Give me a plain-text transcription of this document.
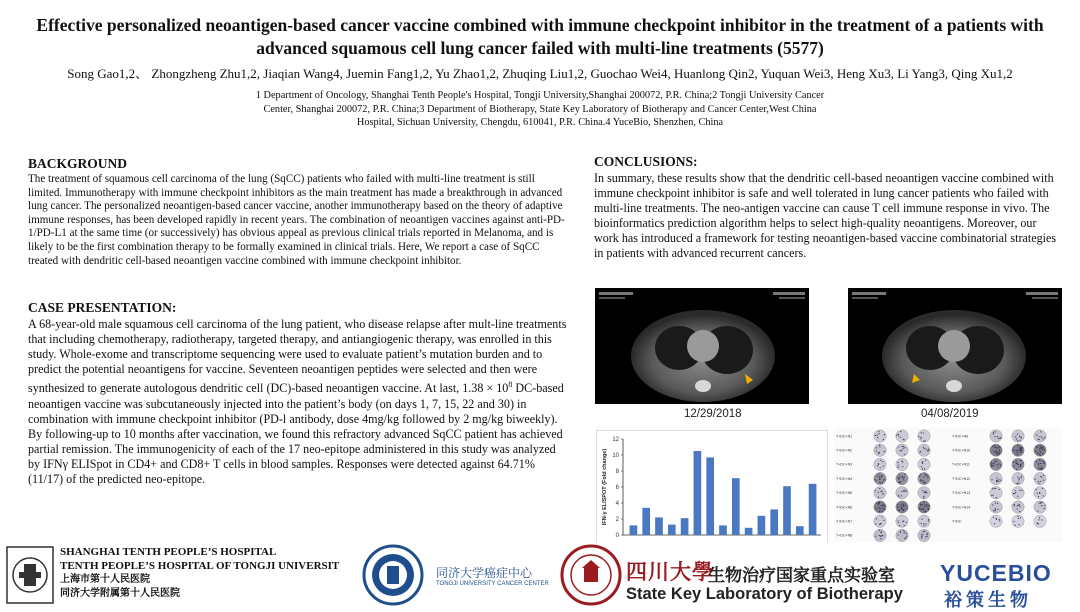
Effective personalized neoantigen-based cancer vaccine combined with immune checkpoint inhibitor in the treatment of a patients with advanced squamous cell lung cancer failed with multi-line treatments (5577)
Song Gao1,2、 Zhongzheng Zhu1,2, Jiaqian Wang4, Juemin Fang1,2, Yu Zhao1,2, Zhuqing Liu1,2, Guochao Wei4, Huanlong Qin2, Yuquan Wei3, Heng Xu3, Li Yang3, Qing Xu1,2
1 Department of Oncology, Shanghai Tenth People's Hospital, Tongji University,Shanghai 200072, P.R. China;2 Tongji University Cancer Center, Shanghai 200072, P.R. China;3 Department of Biotherapy, State Key Laboratory of Biotherapy and Cancer Center,West China Hospital, Sichuan University, Chengdu, 610041, P.R. China.4 YuceBio, Shenzhen, China
BACKGROUND
The treatment of squamous cell carcinoma of the lung (SqCC) patients who failed with multi-line treatment is still limited. Immunotherapy with immune checkpoint inhibitors as the main treatment has made a breakthrough in advanced lung cancer. The personalized neoantigen-based cancer vaccine, another immunotherapy based on the theory of adaptive immune responses, has been developed rapidly in recent years. The combination of neoantigen vaccines against anti-PD-1/PD-L1 at the same time (or successively) has obvious appeal as previous clinical trials reported in Melanoma, and is likely to be the first combination therapy to be formally examined in clinical trials. Here, We report a case of SqCC treated with dendritic cell-based neoantigen vaccine combined with immune checkpoint inhibitor.
CASE PRESENTATION:
A 68-year-old male squamous cell carcinoma of the lung patient, who disease relapse after mult-line treatments that including chemotherapy, radiotherapy, targeted therapy, and antiangiogenic therapy, was enrolled in this study. Whole-exome and transcriptome sequencing were used to evaluate patient’s mutation burden and to predict the potential neoantigens for vaccine. Seventeen neoantigen peptides were selected and then were synthesized to generate autologous dendritic cell (DC)-based neoantigen vaccine. At last, $1.38 \times 10^8$ DC-based neoantigen vaccine was subcutaneously injected into the patient’s body (on days 1, 7, 15, 22 and 30) in combination with immune checkpoint inhibitor (PD-l antibody, dose 4mg/kg followed by 2 mg/kg biweekly). By following-up to 10 months after vaccination, we found this refractory advanced SqCC patient has achieved partial remission. The immunogenicity of each of the 17 neo-epitope administered in this study was analyzed by IFNγ ELISpot in CD4+ and CD8+ T cells in blood samples. Responses were detected against 64.71% (11/17) of the predicted neo-epitope.
CONCLUSIONS:
In summary, these results show that the dendritic cell-based neoantigen vaccine combined with immune checkpoint inhibitor is safe and well tolerated in lung cancer patients who failed with multi-line treatments. The neo-antigen vaccine can cause T cell immune response in vivo. The bioinformatics prediction algorithm helps to select high-quality neoantigens. Moreover, our work has introduced a framework for testing neoantigen-based vaccine combinatorial strategies in patients with advanced recurrent cancers.
12/29/2018	04/08/2019
0
2
4
6
8
10
12
IFN-γ ELISPOT (Fold change)
T+DC+N1
T+DC+N2
T+DC+N3
T+DC+N4
T+DC+N5
T+DC+N6
T+DC+N7
T+DC+N8
T+DC+N9
T+DC+N10
T+DC+N11
T+DC+N12
T+DC+N13
T+DC+N14
T+DC
SHANGHAI TENTH PEOPLE’S HOSPITAL
TENTH PEOPLE’S HOSPITAL OF TONGJI UNIVERSIT
上海市第十人民医院
同济大学附属第十人民医院
同济大学癌症中心
TONGJI UNIVERSITY CANCER CENTER	四川大學
生物治疗国家重点实验室
State Key Laboratory of Biotherapy
YUCEBIO
裕策生物
